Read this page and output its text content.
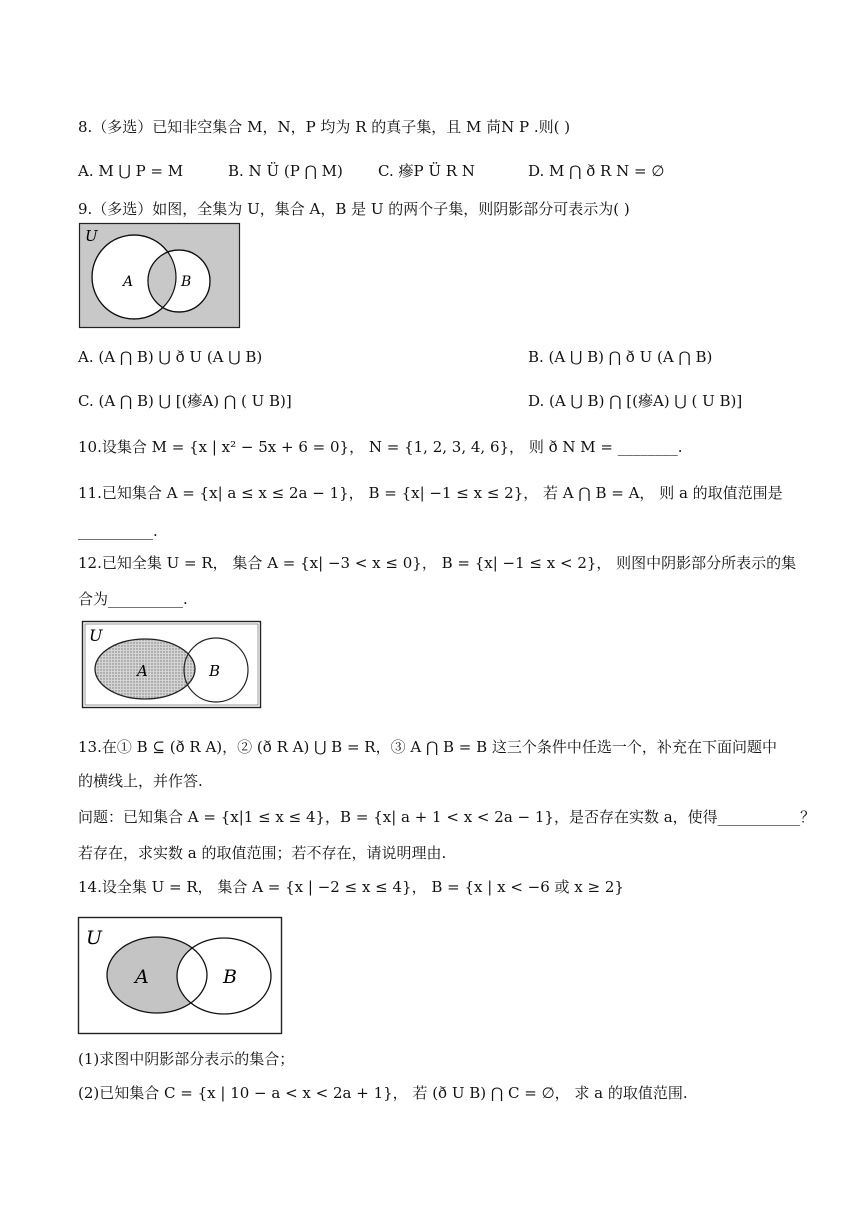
8.（多选）已知非空集合 M，N，P 均为 R 的真子集，且 M 苘N P .则( )
A. M ⋃ P = M	B. N Ü (P ⋂ M) C. 瘮P Ü R N	D. M ⋂ ð R N = ∅
9.（多选）如图，全集为 U，集合 A，B 是 U 的两个子集，则阴影部分可表示为( )
U
A	B
A. (A ⋂ B) ⋃ ð U (A ⋃ B)	B. (A ⋃ B) ⋂ ð U (A ⋂ B)
C. (A ⋂ B) ⋃ [(瘮A) ⋂ ( U B)]	D. (A ⋃ B) ⋂ [(瘮A) ⋃ ( U B)]
10.设集合 M = {x | x² − 5x + 6 = 0}， N = {1, 2, 3, 4, 6}， 则 ð N M = ________.
11.已知集合 A = {x| a ≤ x ≤ 2a − 1}， B = {x| −1 ≤ x ≤ 2}， 若 A ⋂ B = A， 则 a 的取值范围是
__________.
12.已知全集 U = R， 集合 A = {x| −3 < x ≤ 0}， B = {x| −1 ≤ x < 2}， 则图中阴影部分所表示的集
合为__________.
U
A	B
13.在① B ⊆ (ð R A)，② (ð R A) ⋃ B = R，③ A ⋂ B = B 这三个条件中任选一个，补充在下面问题中
的横线上，并作答.
问题：已知集合 A = {x|1 ≤ x ≤ 4}，B = {x| a + 1 < x < 2a − 1}，是否存在实数 a，使得___________？
若存在，求实数 a 的取值范围；若不存在，请说明理由.
14.设全集 U = R， 集合 A = {x | −2 ≤ x ≤ 4}， B = {x | x < −6 或 x ≥ 2}
U
A	B
(1)求图中阴影部分表示的集合；
(2)已知集合 C = {x | 10 − a < x < 2a + 1}， 若 (ð U B) ⋂ C = ∅， 求 a 的取值范围.
